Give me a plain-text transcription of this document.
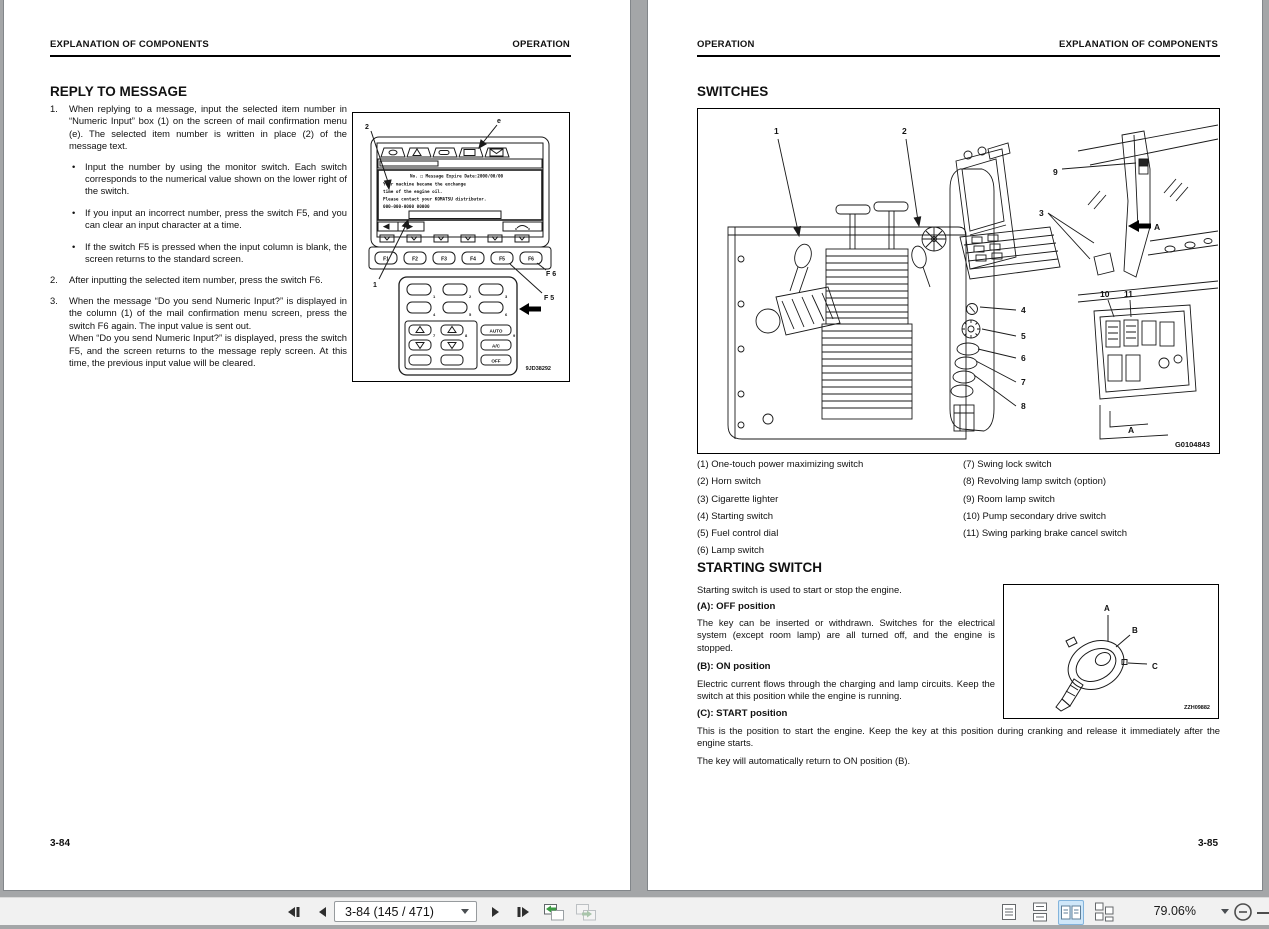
EXPLANATION OF COMPONENTS	OPERATION
REPLY TO MESSAGE
1. When replying to a message, input the selected item number in “Numeric Input” box (1) on the screen of mail confirmation menu (e). The selected item number is written in place (2) of the message text.
• Input the number by using the monitor switch. Each switch corresponds to the numerical value shown on the lower right of the switch.
• If you input an incorrect number, press the switch F5, and you can clear an input character at a time.
• If the switch F5 is pressed when the input column is blank, the screen returns to the standard screen.
2. After inputting the selected item number, press the switch F6.
3. When the message “Do you send Numeric Input?” is displayed in the column (1) of the mail confirmation menu screen, press the switch F6 again. The input value is sent out.
When “Do you send Numeric Input?” is displayed, press the switch F5, and the screen returns to the message reply screen. At this time, the previous input value will be cleared.
No. □ Message Expire Date:2000/00/00
Your machine became the exchange
time of the engine oil.
Please contact your KOMATSU distributor.
000-000-0000 00000
F1	F2	F3	F4	F5	F6
1	2	3
4	5	6
7	8	9
AUTO
A/C
OFF
2
e
F 6
F 5
1
9JD38292
3-84
OPERATION	EXPLANATION OF COMPONENTS
SWITCHES
1	2
9
3
4
5
6
7
8
10 11
A
A
G0104843
(1) One-touch power maximizing switch
(2) Horn switch
(3) Cigarette lighter
(4) Starting switch
(5) Fuel control dial
(6) Lamp switch
(7) Swing lock switch
(8) Revolving lamp switch (option)
(9) Room lamp switch
(10) Pump secondary drive switch
(11) Swing parking brake cancel switch
STARTING SWITCH
Starting switch is used to start or stop the engine.
(A): OFF position
The key can be inserted or withdrawn. Switches for the electrical system (except room lamp) are all turned off, and the engine is stopped.
(B): ON position
Electric current flows through the charging and lamp circuits. Keep the switch at this position while the engine is running.
(C): START position
This is the position to start the engine. Keep the key at this position during cranking and release it immediately after the engine starts.
The key will automatically return to ON position (B).
A
B
C
ZZH09882
3-85
3-84 (145 / 471)	79.06%
